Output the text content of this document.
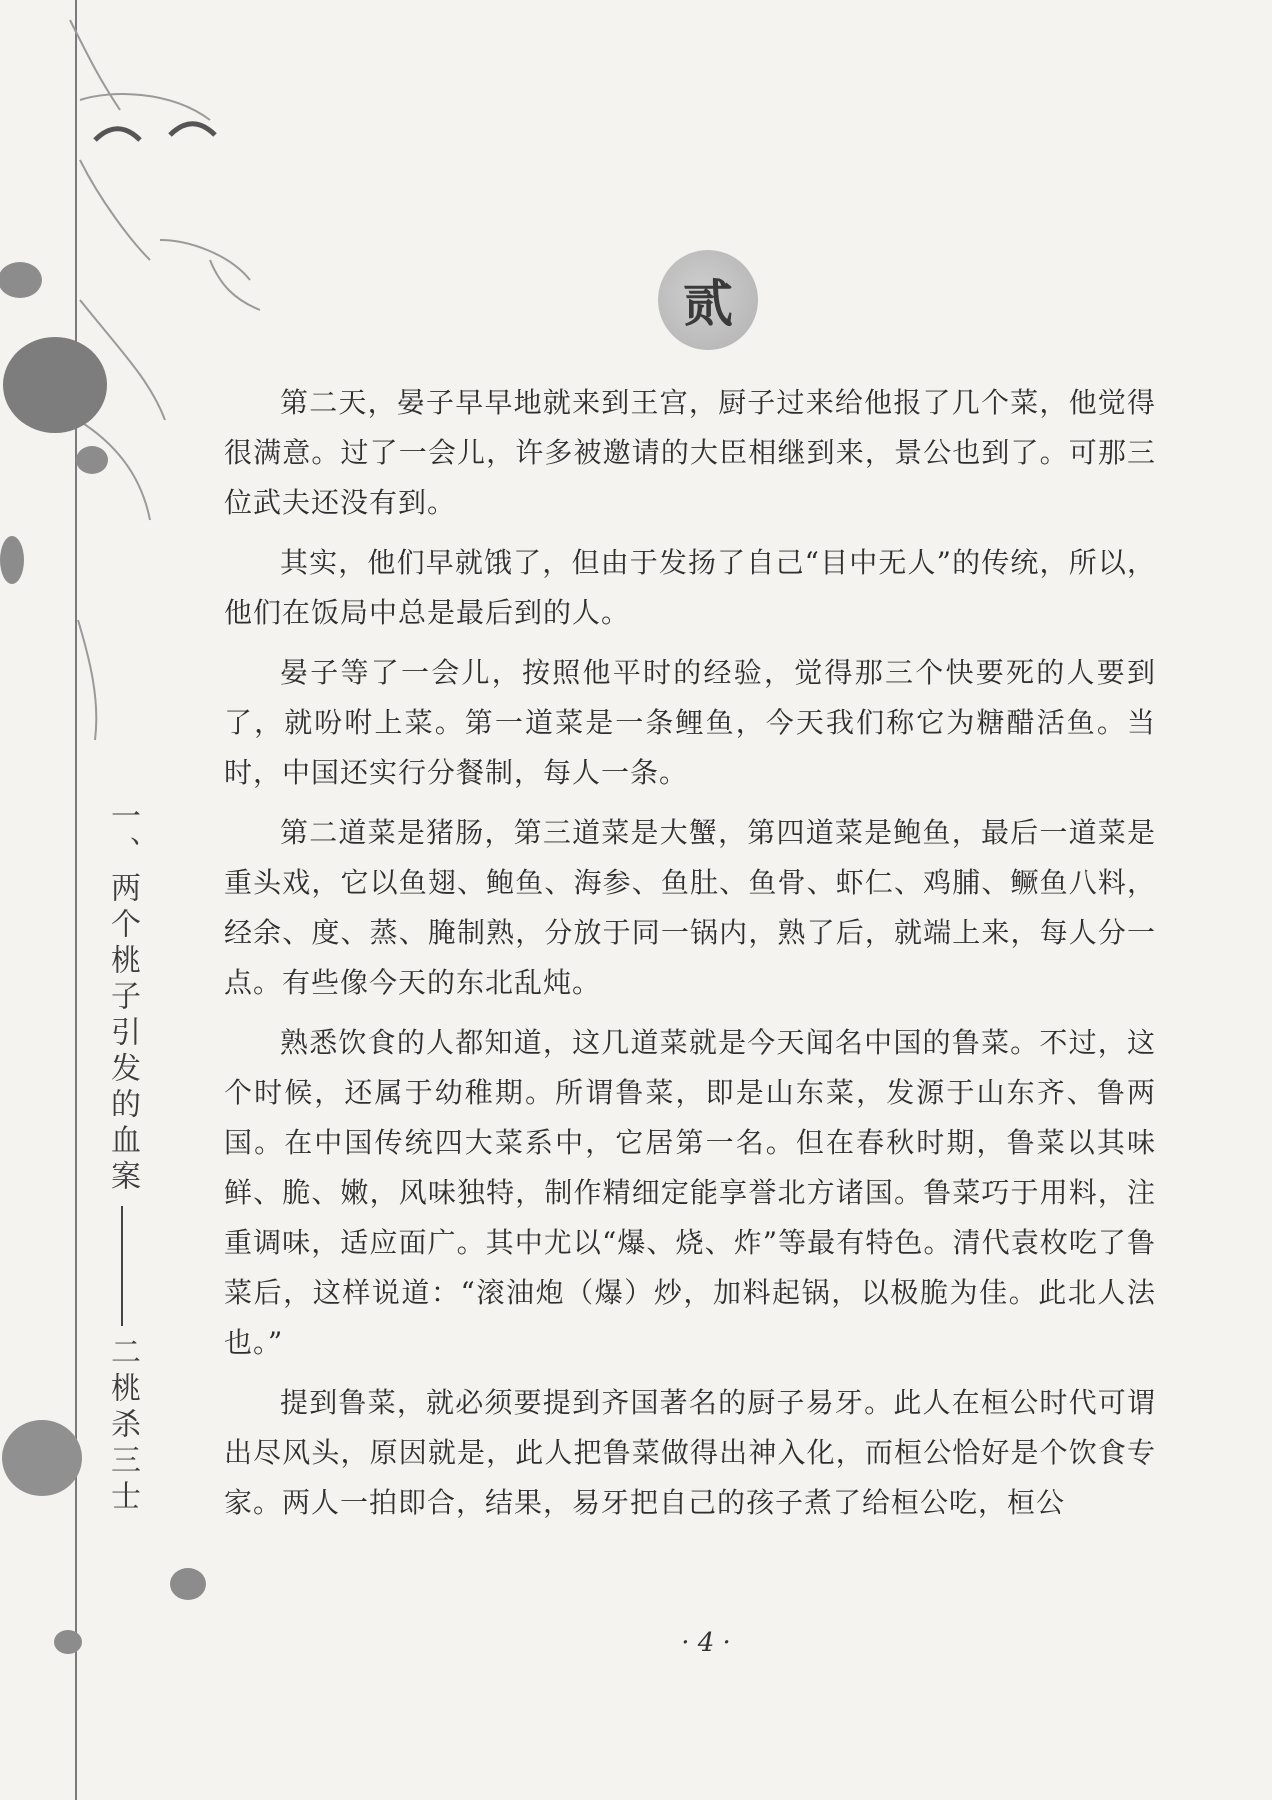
贰
一、两个桃子引发的血案
二桃杀三士

第二天，晏子早早地就来到王宫，厨子过来给他报了几个菜，他觉得很满意。过了一会儿，许多被邀请的大臣相继到来，景公也到了。可那三位武夫还没有到。

其实，他们早就饿了，但由于发扬了自己“目中无人”的传统，所以，他们在饭局中总是最后到的人。

晏子等了一会儿，按照他平时的经验，觉得那三个快要死的人要到了，就吩咐上菜。第一道菜是一条鲤鱼，今天我们称它为糖醋活鱼。当时，中国还实行分餐制，每人一条。

第二道菜是猪肠，第三道菜是大蟹，第四道菜是鲍鱼，最后一道菜是重头戏，它以鱼翅、鲍鱼、海参、鱼肚、鱼骨、虾仁、鸡脯、鳜鱼八料，经余、度、蒸、腌制熟，分放于同一锅内，熟了后，就端上来，每人分一点。有些像今天的东北乱炖。

熟悉饮食的人都知道，这几道菜就是今天闻名中国的鲁菜。不过，这个时候，还属于幼稚期。所谓鲁菜，即是山东菜，发源于山东齐、鲁两国。在中国传统四大菜系中，它居第一名。但在春秋时期，鲁菜以其味鲜、脆、嫩，风味独特，制作精细定能享誉北方诸国。鲁菜巧于用料，注重调味，适应面广。其中尤以“爆、烧、炸”等最有特色。清代袁枚吃了鲁菜后，这样说道：“滚油炮（爆）炒，加料起锅，以极脆为佳。此北人法也。”

提到鲁菜，就必须要提到齐国著名的厨子易牙。此人在桓公时代可谓出尽风头，原因就是，此人把鲁菜做得出神入化，而桓公恰好是个饮食专家。两人一拍即合，结果，易牙把自己的孩子煮了给桓公吃，桓公

· 4 ·
